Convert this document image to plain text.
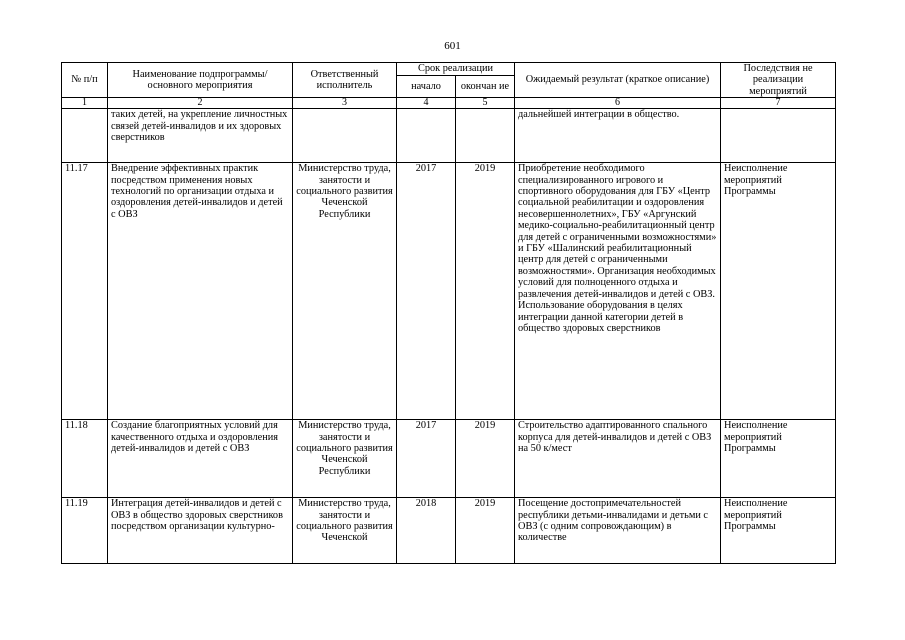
601
№ п/п	Наименование подпрограммы/ основного мероприятия	Ответственный исполнитель	Срок реализации		Ожидаемый результат (краткое описание)	Последствия не реализации мероприятий
			начало	окончан ие		
1	2	3	4	5	6	7
	таких детей, на укрепление личностных связей детей-инвалидов и их здоровых сверстников				дальнейшей интеграции в общество.	
11.17	Внедрение эффективных практик посредством применения новых технологий по организации отдыха и оздоровления детей-инвалидов и детей с ОВЗ	Министерство труда, занятости и социального развития Чеченской Республики	2017	2019	Приобретение необходимого специализированного игрового и спортивного оборудования для ГБУ «Центр социальной реабилитации и оздоровления несовершеннолетних», ГБУ «Аргунский медико-социально-реабилитационный центр для детей с ограниченными возможностями» и ГБУ «Шалинский реабилитационный центр для детей с ограниченными возможностями». Организация необходимых условий для полноценного отдыха и развлечения детей-инвалидов и детей с ОВЗ. Использование оборудования в целях интеграции данной категории детей в общество здоровых сверстников	Неисполнение мероприятий Программы
11.18	Создание благоприятных условий для качественного отдыха и оздоровления детей-инвалидов и детей с ОВЗ	Министерство труда, занятости и социального развития Чеченской Республики	2017	2019	Строительство адаптированного спального корпуса для детей-инвалидов и детей с ОВЗ на 50 к/мест	Неисполнение мероприятий Программы
11.19	Интеграция детей-инвалидов и детей с ОВЗ в общество здоровых сверстников посредством организации культурно-	Министерство труда, занятости и социального развития Чеченской	2018	2019	Посещение достопримечательностей республики детьми-инвалидами и детьми с ОВЗ (с одним сопровождающим) в количестве	Неисполнение мероприятий Программы
